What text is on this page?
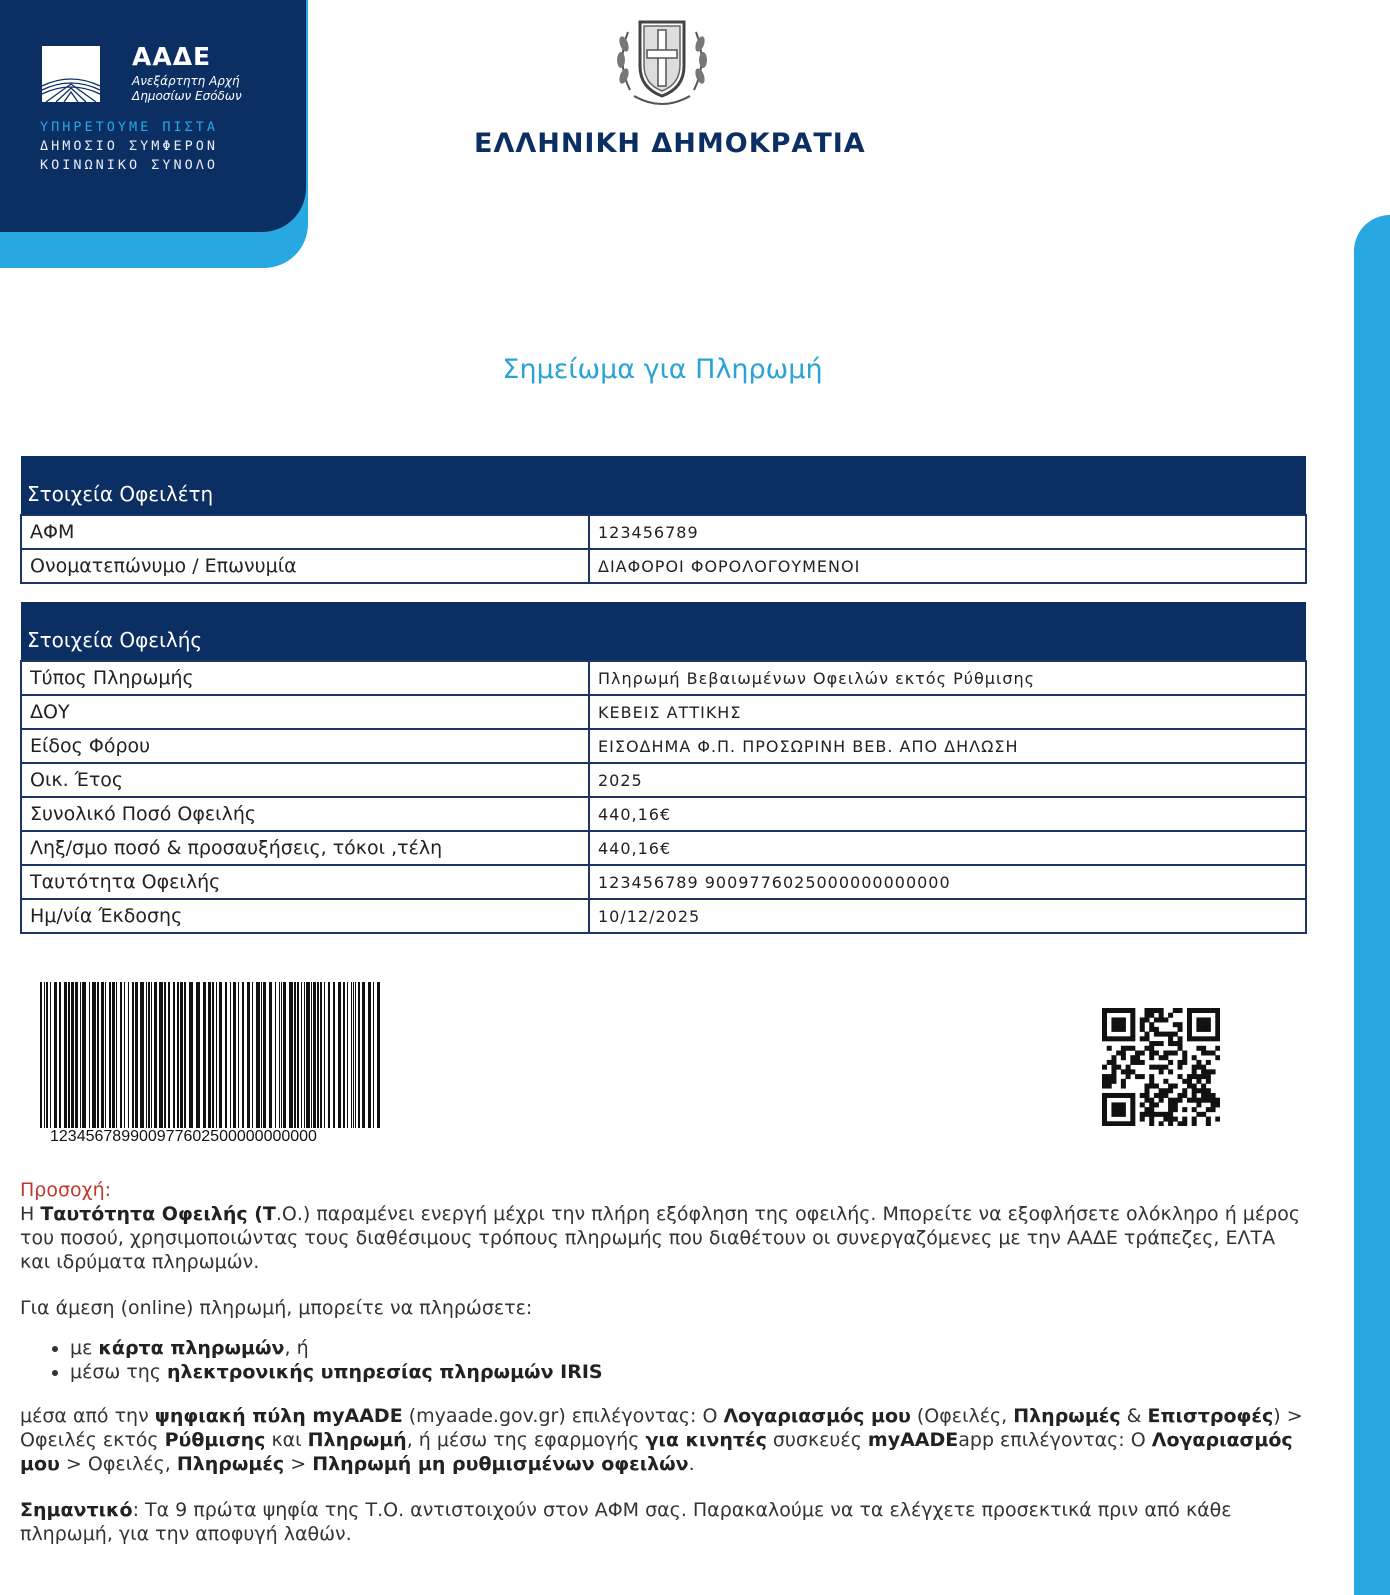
ΑΑΔΕ
Ανεξάρτητη Αρχή
Δημοσίων Εσόδων
ΥΠΗΡΕΤΟΥΜΕ ΠΙΣΤΑ
ΔΗΜΟΣΙΟ ΣΥΜΦΕΡΟΝ
ΚΟΙΝΩΝΙΚΟ ΣΥΝΟΛΟ
ΕΛΛΗΝΙΚΗ ΔΗΜΟΚΡΑΤΙΑ
Σημείωμα για Πληρωμή
Στοιχεία Οφειλέτη	
ΑΦΜ	123456789
Ονοματεπώνυμο / Επωνυμία	ΔΙΑΦΟΡΟΙ ΦΟΡΟΛΟΓΟΥΜΕΝΟΙ
Στοιχεία Οφειλής	
Τύπος Πληρωμής	Πληρωμή Βεβαιωμένων Οφειλών εκτός Ρύθμισης
ΔΟΥ	ΚΕΒΕΙΣ ΑΤΤΙΚΗΣ
Είδος Φόρου	ΕΙΣΟΔΗΜΑ Φ.Π. ΠΡΟΣΩΡΙΝΗ ΒΕΒ. ΑΠΟ ΔΗΛΩΣΗ
Οικ. Έτος	2025
Συνολικό Ποσό Οφειλής	440,16€
Ληξ/σμο ποσό & προσαυξήσεις, τόκοι ,τέλη	440,16€
Ταυτότητα Οφειλής	123456789 9009776025000000000000
Ημ/νία Έκδοσης	10/12/2025
123456789900977602500000000000

Προσοχή:
Η Ταυτότητα Οφειλής (Τ.Ο.) παραμένει ενεργή μέχρι την πλήρη εξόφληση της οφειλής. Μπορείτε να εξοφλήσετε ολόκληρο ή μέρος του ποσού, χρησιμοποιώντας τους διαθέσιμους τρόπους πληρωμής που διαθέτουν οι συνεργαζόμενες με την ΑΑΔΕ τράπεζες, ΕΛΤΑ και ιδρύματα πληρωμών.

Για άμεση (online) πληρωμή, μπορείτε να πληρώσετε:

• με κάρτα πληρωμών, ή
• μέσω της ηλεκτρονικής υπηρεσίας πληρωμών IRIS

μέσα από την ψηφιακή πύλη myAADE (myaade.gov.gr) επιλέγοντας: Ο Λογαριασμός μου (Οφειλές, Πληρωμές & Επιστροφές) > Οφειλές εκτός Ρύθμισης και Πληρωμή, ή μέσω της εφαρμογής για κινητές συσκευές myAADEapp επιλέγοντας: Ο Λογαριασμός μου > Οφειλές, Πληρωμές > Πληρωμή μη ρυθμισμένων οφειλών.

Σημαντικό: Τα 9 πρώτα ψηφία της Τ.Ο. αντιστοιχούν στον ΑΦΜ σας. Παρακαλούμε να τα ελέγχετε προσεκτικά πριν από κάθε πληρωμή, για την αποφυγή λαθών.
